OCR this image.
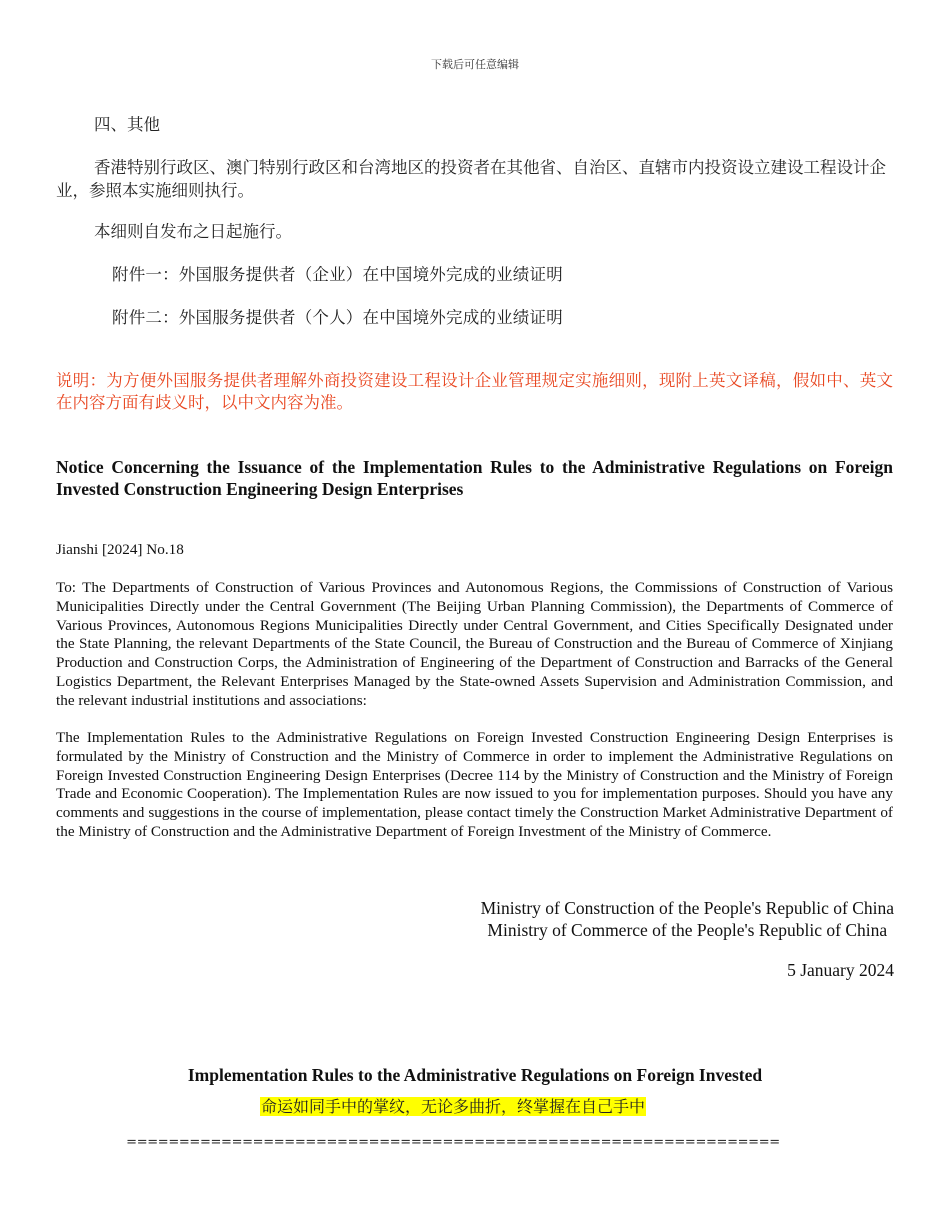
下载后可任意编辑
四、其他
香港特别行政区、澳门特别行政区和台湾地区的投资者在其他省、自治区、直辖市内投资设立建设工程设计企业，参照本实施细则执行。
本细则自发布之日起施行。
附件一：外国服务提供者（企业）在中国境外完成的业绩证明
附件二：外国服务提供者（个人）在中国境外完成的业绩证明
说明：为方便外国服务提供者理解外商投资建设工程设计企业管理规定实施细则，现附上英文译稿，假如中、英文在内容方面有歧义时，以中文内容为准。
Notice Concerning the Issuance of the Implementation Rules to the Administrative Regulations on Foreign Invested Construction Engineering Design Enterprises
Jianshi [2024] No.18
To: The Departments of Construction of Various Provinces and Autonomous Regions, the Commissions of Construction of Various Municipalities Directly under the Central Government (The Beijing Urban Planning Commission), the Departments of Commerce of Various Provinces, Autonomous Regions Municipalities Directly under Central Government, and Cities Specifically Designated under the State Planning, the relevant Departments of the State Council, the Bureau of Construction and the Bureau of Commerce of Xinjiang Production and Construction Corps, the Administration of Engineering of the Department of Construction and Barracks of the General Logistics Department, the Relevant Enterprises Managed by the State-owned Assets Supervision and Administration Commission, and the relevant industrial institutions and associations:
The Implementation Rules to the Administrative Regulations on Foreign Invested Construction Engineering Design Enterprises is formulated by the Ministry of Construction and the Ministry of Commerce in order to implement the Administrative Regulations on Foreign Invested Construction Engineering Design Enterprises (Decree 114 by the Ministry of Construction and the Ministry of Foreign Trade and Economic Cooperation). The Implementation Rules are now issued to you for implementation purposes. Should you have any comments and suggestions in the course of implementation, please contact timely the Construction Market Administrative Department of the Ministry of Construction and the Administrative Department of Foreign Investment of the Ministry of Commerce.
Ministry of Construction of the People's Republic of China
Ministry of Commerce of the People's Republic of China
5 January 2024
Implementation Rules to the Administrative Regulations on Foreign Invested
命运如同手中的掌纹，无论多曲折，终掌握在自己手中
==============================================================
